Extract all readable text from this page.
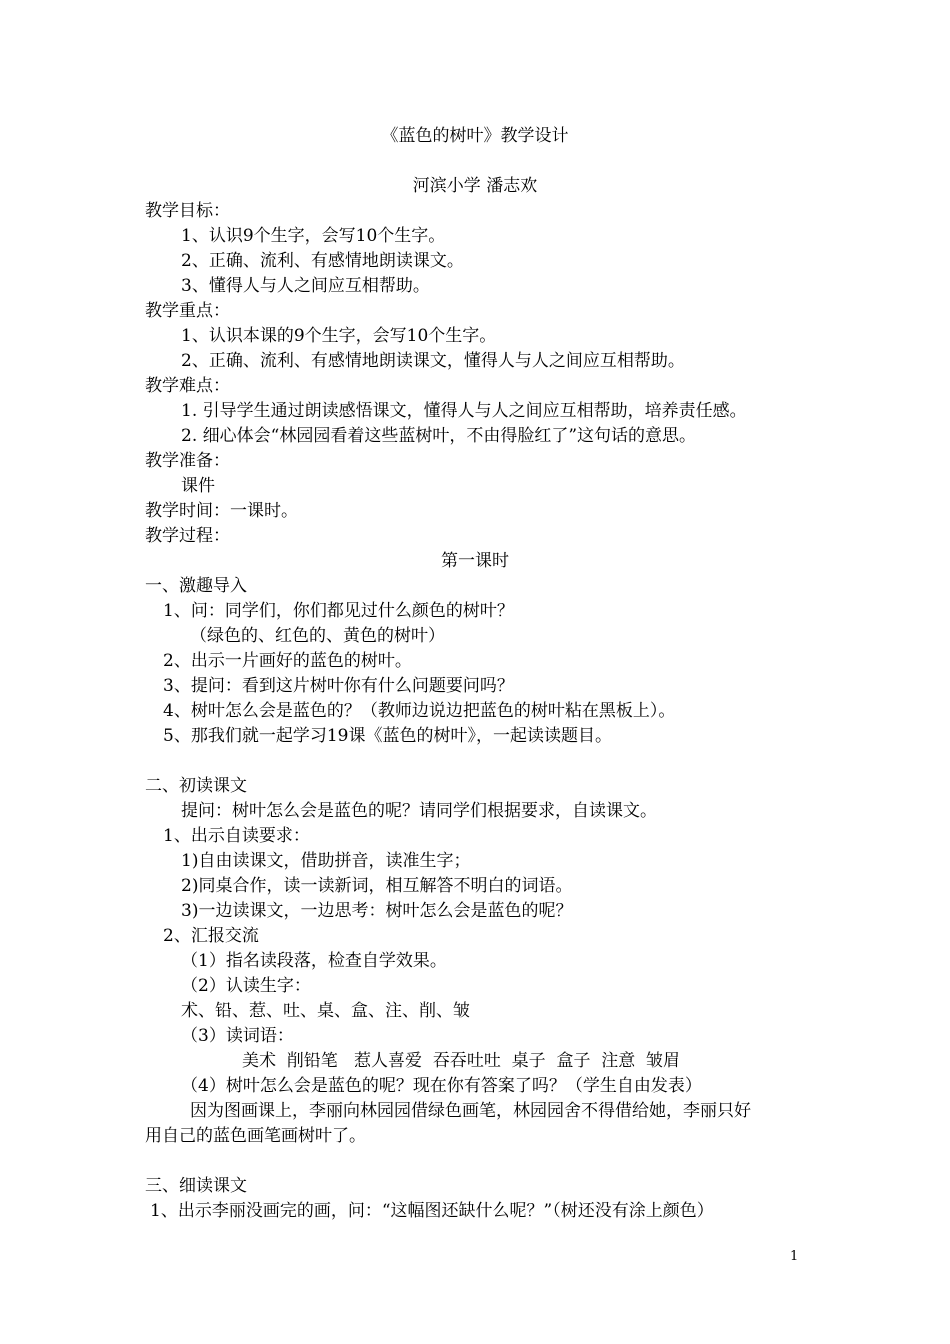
《蓝色的树叶》教学设计

河滨小学 潘志欢

教学目标：

1、认识9个生字，会写10个生字。

2、正确、流利、有感情地朗读课文。

3、懂得人与人之间应互相帮助。

教学重点：

1、认识本课的9个生字，会写10个生字。

2、正确、流利、有感情地朗读课文，懂得人与人之间应互相帮助。

教学难点：

1. 引导学生通过朗读感悟课文，懂得人与人之间应互相帮助，培养责任感。

2. 细心体会“林园园看着这些蓝树叶，不由得脸红了”这句话的意思。

教学准备：

课件

教学时间：一课时。

教学过程：

第一课时

一、激趣导入

1、问：同学们，你们都见过什么颜色的树叶？

（绿色的、红色的、黄色的树叶）

2、出示一片画好的蓝色的树叶。

3、提问：看到这片树叶你有什么问题要问吗？

4、树叶怎么会是蓝色的？（教师边说边把蓝色的树叶粘在黑板上）。

5、那我们就一起学习19课《蓝色的树叶》，一起读读题目。

二、初读课文

提问：树叶怎么会是蓝色的呢？请同学们根据要求，自读课文。

1、出示自读要求：

1)自由读课文，借助拼音，读准生字；

2)同桌合作，读一读新词，相互解答不明白的词语。

3)一边读课文，一边思考：树叶怎么会是蓝色的呢？

2、汇报交流

（1）指名读段落，检查自学效果。

（2）认读生字：

术、铅、惹、吐、桌、盒、注、削、皱

（3）读词语：

美术  削铅笔   惹人喜爱  吞吞吐吐  桌子  盒子  注意  皱眉

（4）树叶怎么会是蓝色的呢？现在你有答案了吗？（学生自由发表）

因为图画课上，李丽向林园园借绿色画笔，林园园舍不得借给她，李丽只好

用自己的蓝色画笔画树叶了。

三、细读课文

1、出示李丽没画完的画，问：“这幅图还缺什么呢？”（树还没有涂上颜色）

1
